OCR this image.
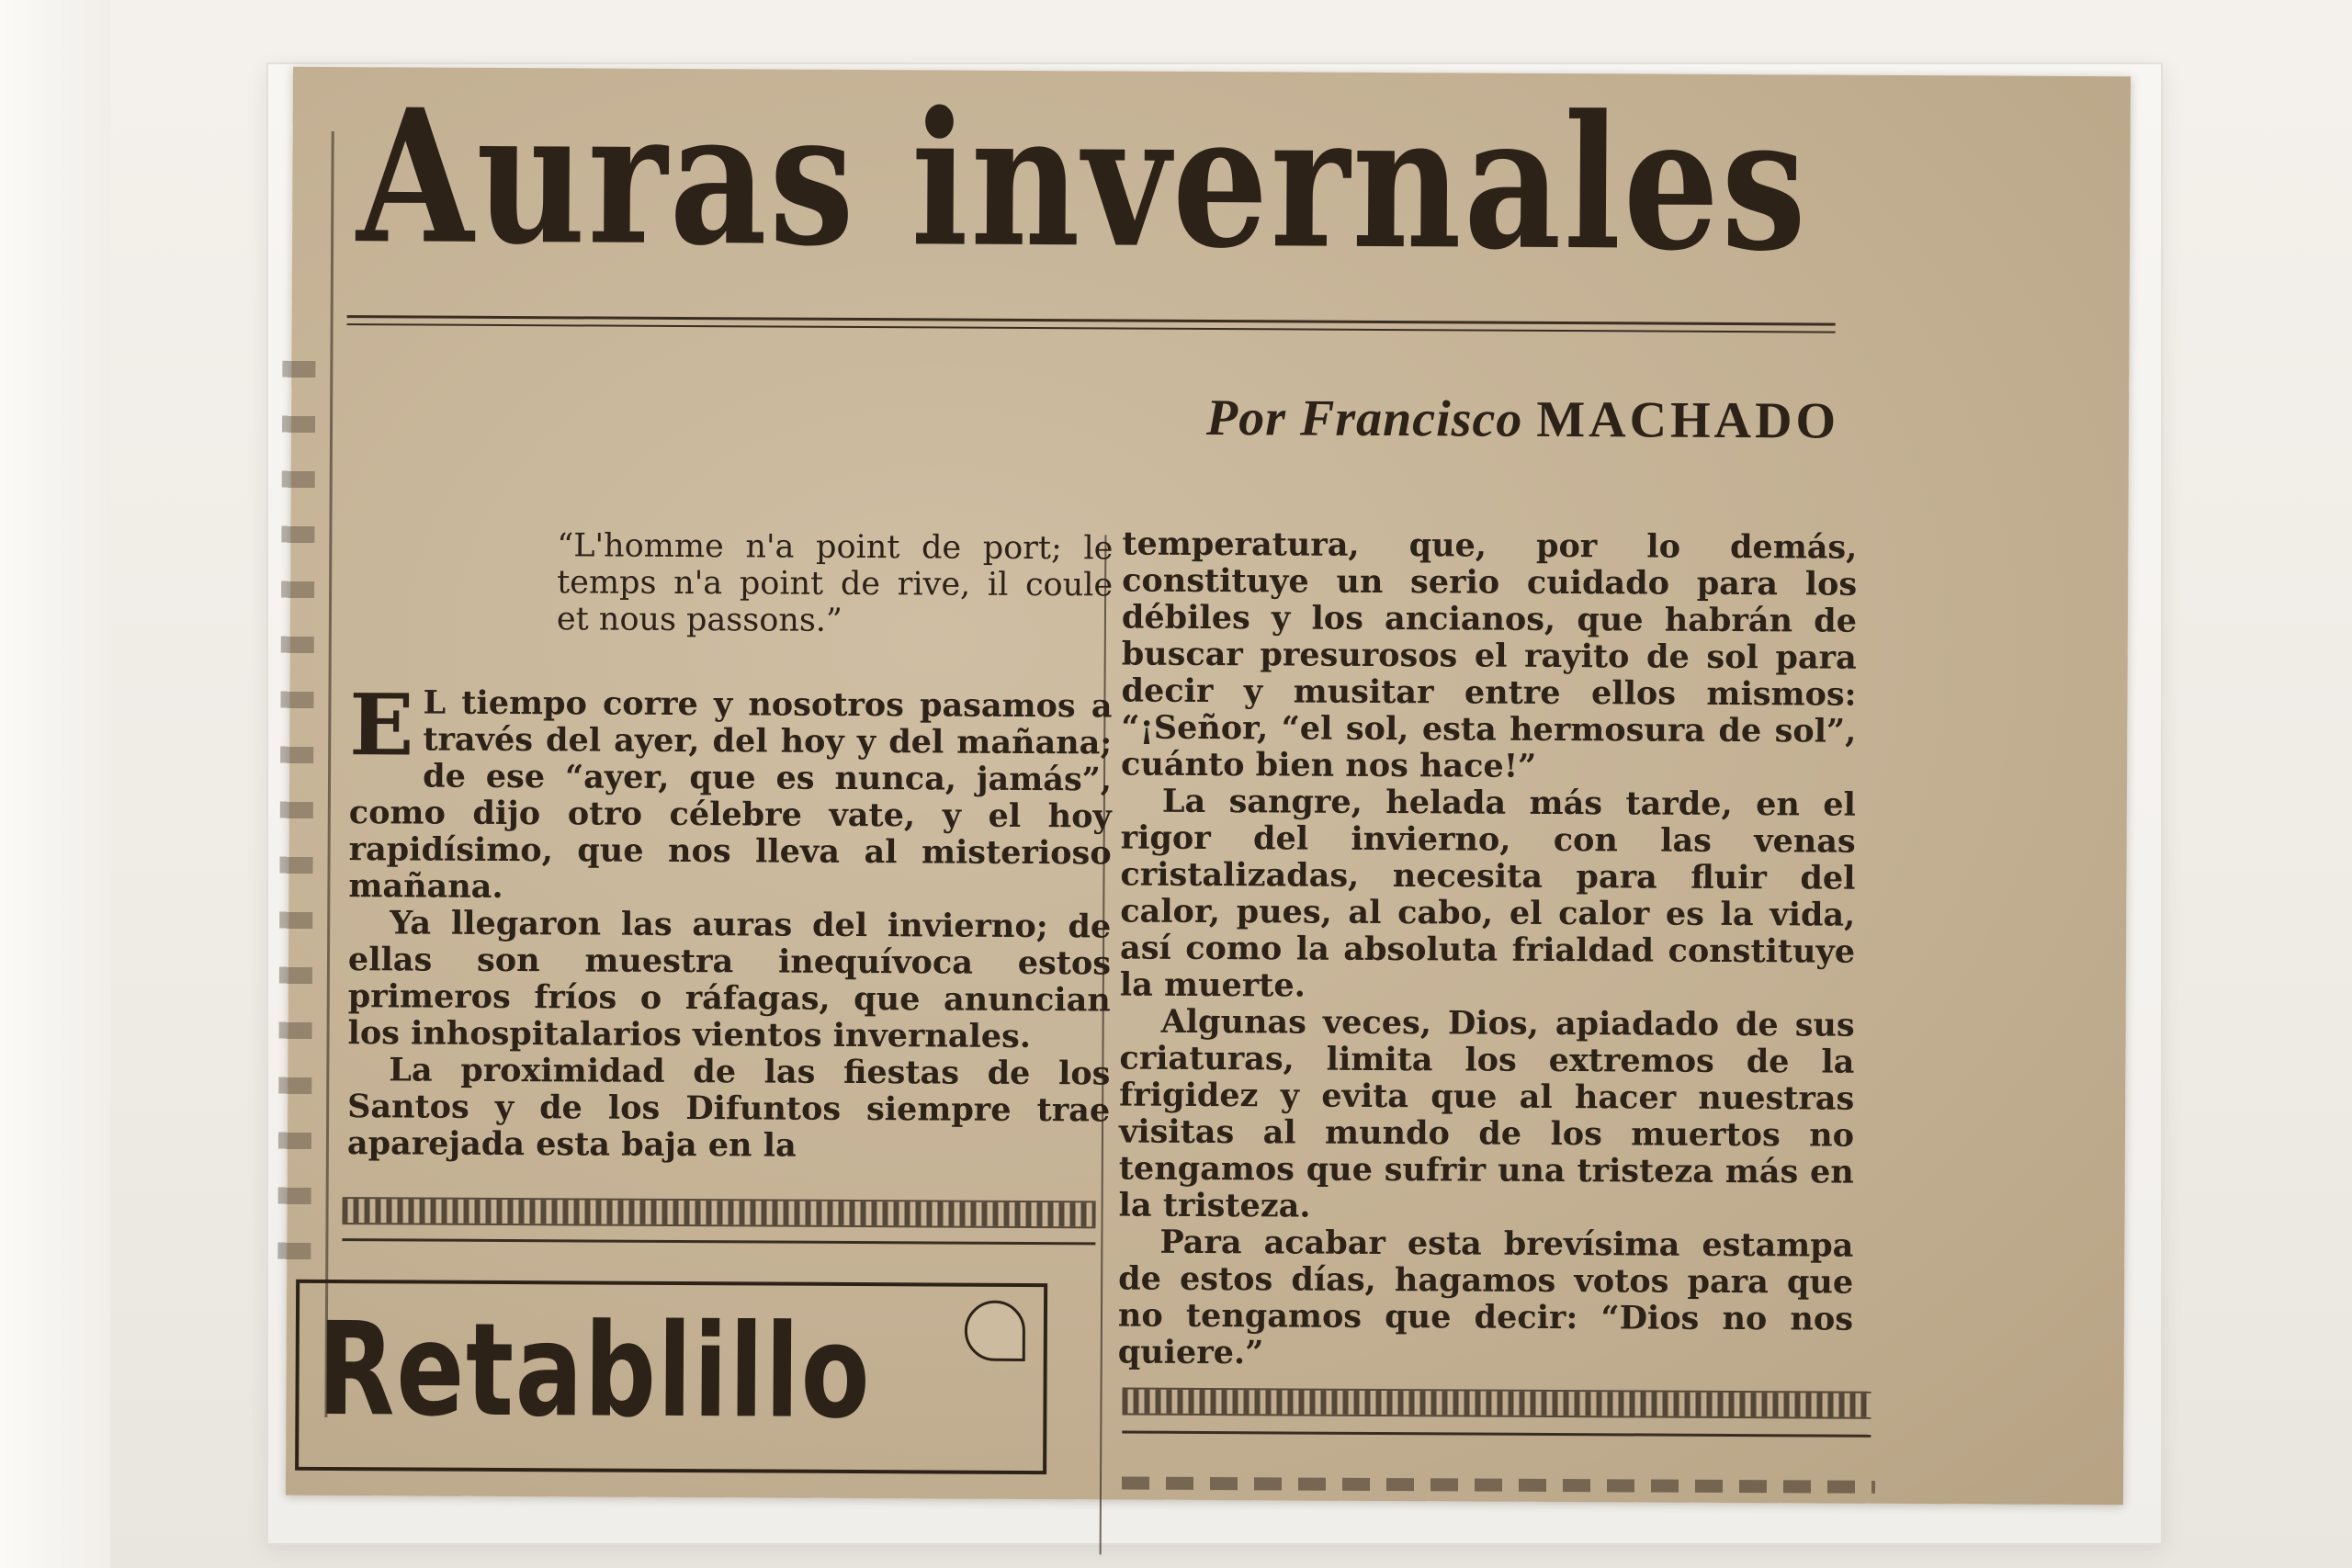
Auras invernales
Por Francisco MACHADO

“L'homme n'a point de port; le temps n'a point de rive, il coule et nous passons.”

E L tiempo corre y nosotros pasamos a través del ayer, del hoy y del mañana; de ese “ayer, que es nunca, jamás”, como dijo otro célebre vate, y el hoy rapidísimo, que nos lleva al misterioso mañana.

Ya llegaron las auras del invierno; de ellas son muestra inequívoca estos primeros fríos o ráfagas, que anuncian los inhospitalarios vientos invernales.

La proximidad de las fiestas de los Santos y de los Difuntos siempre trae aparejada esta baja en la

temperatura, que, por lo demás, constituye un serio cuidado para los débiles y los ancianos, que habrán de buscar presurosos el rayito de sol para decir y musitar entre ellos mismos: “¡Señor, “el sol, esta hermosura de sol”, cuánto bien nos hace!”

La sangre, helada más tarde, en el rigor del invierno, con las venas cristalizadas, necesita para fluir del calor, pues, al cabo, el calor es la vida, así como la absoluta frialdad constituye la muerte.

Algunas veces, Dios, apiadado de sus criaturas, limita los extremos de la frigidez y evita que al hacer nuestras visitas al mundo de los muertos no tengamos que sufrir una tristeza más en la tristeza.

Para acabar esta brevísima estampa de estos días, hagamos votos para que no tengamos que decir: “Dios no nos quiere.”

Retablillo
